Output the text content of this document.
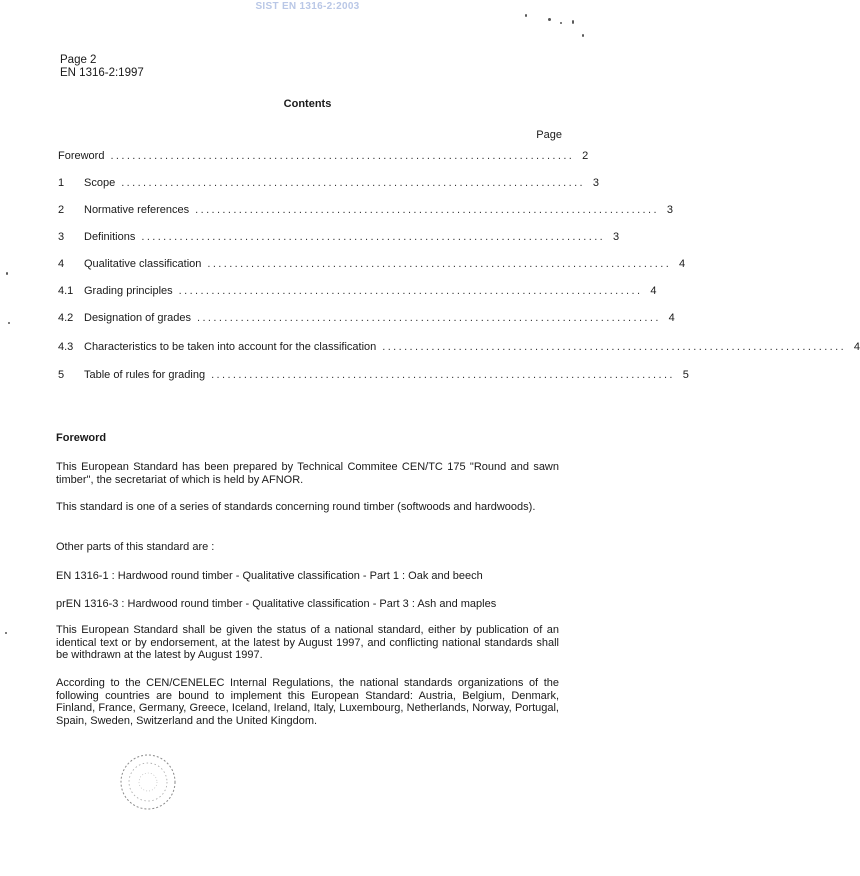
SIST EN 1316-2:2003
Page 2
EN 1316-2:1997
Contents
Page
Foreword ..................................................................................... 2
1	Scope ..................................................................................... 3
2	Normative references ..................................................................................... 3
3	Definitions ..................................................................................... 3
4	Qualitative classification ..................................................................................... 4
4.1 Grading principles ..................................................................................... 4
4.2 Designation of grades ..................................................................................... 4
4.3 Characteristics to be taken into account for the classification ..................................................................................... 4
5	Table of rules for grading ..................................................................................... 5
Foreword

This European Standard has been prepared by Technical Commitee CEN/TC 175 "Round and sawn timber", the secretariat of which is held by AFNOR.

This standard is one of a series of standards concerning round timber (softwoods and hardwoods).

Other parts of this standard are :

EN 1316-1 : Hardwood round timber - Qualitative classification - Part 1 : Oak and beech

prEN 1316-3 : Hardwood round timber - Qualitative classification - Part 3 : Ash and maples

This European Standard shall be given the status of a national standard, either by publication of an identical text or by endorsement, at the latest by August 1997, and conflicting national standards shall be withdrawn at the latest by August 1997.

According to the CEN/CENELEC Internal Regulations, the national standards organizations of the following countries are bound to implement this European Standard: Austria, Belgium, Denmark, Finland, France, Germany, Greece, Iceland, Ireland, Italy, Luxembourg, Netherlands, Norway, Portugal, Spain, Sweden, Switzerland and the United Kingdom.
